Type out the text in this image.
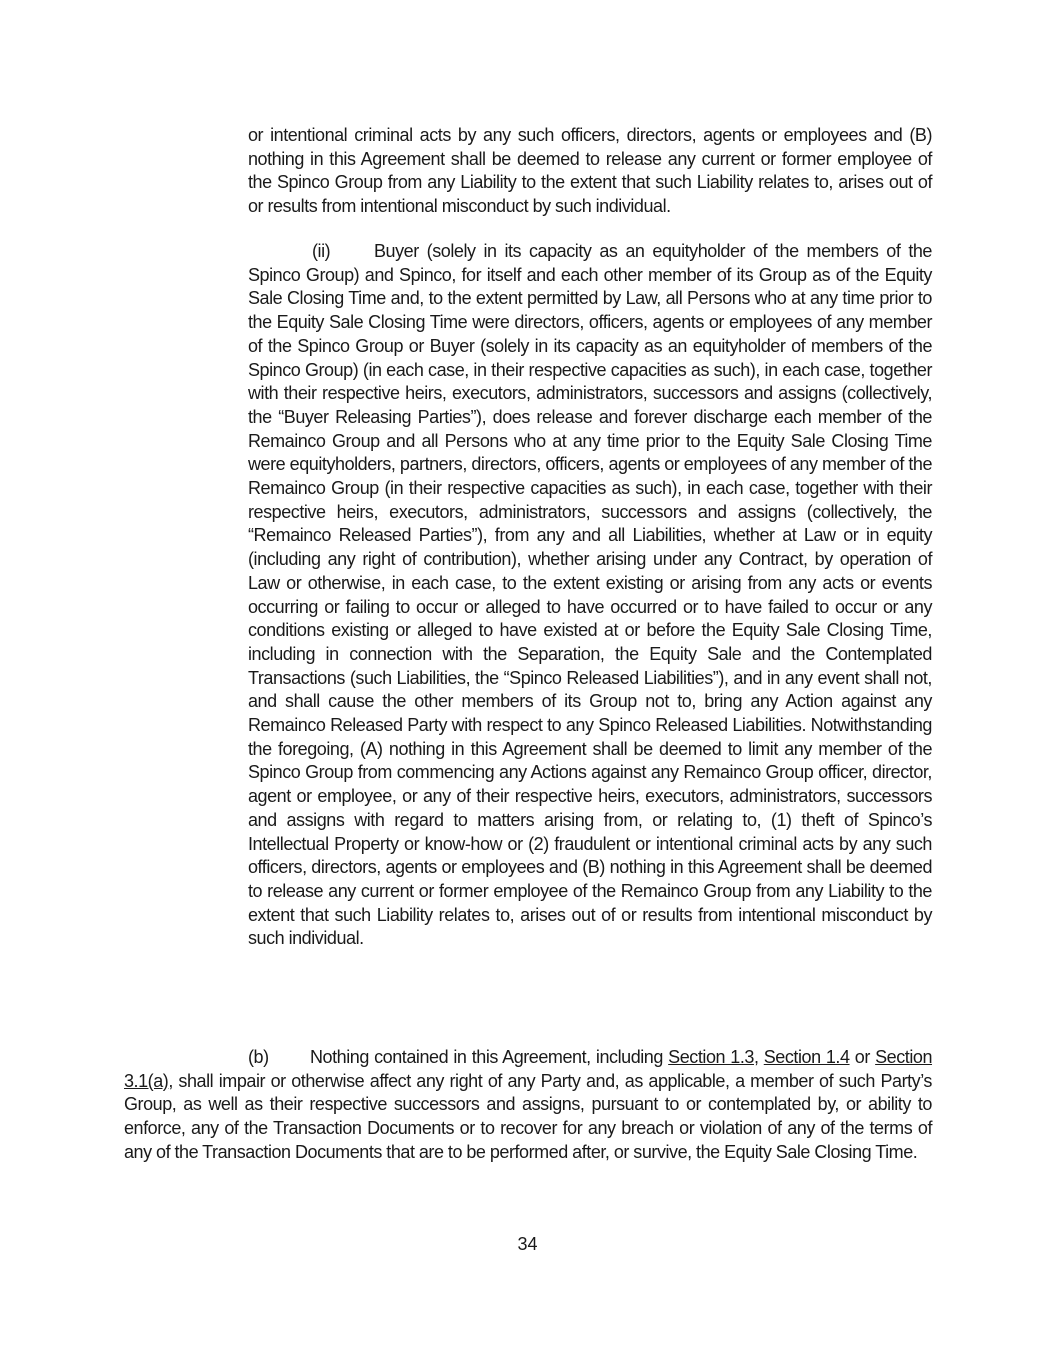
or intentional criminal acts by any such officers, directors, agents or employees and (B) nothing in this Agreement shall be deemed to release any current or former employee of the Spinco Group from any Liability to the extent that such Liability relates to, arises out of or results from intentional misconduct by such individual.

(ii) Buyer (solely in its capacity as an equityholder of the members of the Spinco Group) and Spinco, for itself and each other member of its Group as of the Equity Sale Closing Time and, to the extent permitted by Law, all Persons who at any time prior to the Equity Sale Closing Time were directors, officers, agents or employees of any member of the Spinco Group or Buyer (solely in its capacity as an equityholder of members of the Spinco Group) (in each case, in their respective capacities as such), in each case, together with their respective heirs, executors, administrators, successors and assigns (collectively, the “Buyer Releasing Parties”), does release and forever discharge each member of the Remainco Group and all Persons who at any time prior to the Equity Sale Closing Time were equityholders, partners, directors, officers, agents or employees of any member of the Remainco Group (in their respective capacities as such), in each case, together with their respective heirs, executors, administrators, successors and assigns (collectively, the “Remainco Released Parties”), from any and all Liabilities, whether at Law or in equity (including any right of contribution), whether arising under any Contract, by operation of Law or otherwise, in each case, to the extent existing or arising from any acts or events occurring or failing to occur or alleged to have occurred or to have failed to occur or any conditions existing or alleged to have existed at or before the Equity Sale Closing Time, including in connection with the Separation, the Equity Sale and the Contemplated Transactions (such Liabilities, the “Spinco Released Liabilities”), and in any event shall not, and shall cause the other members of its Group not to, bring any Action against any Remainco Released Party with respect to any Spinco Released Liabilities. Notwithstanding the foregoing, (A) nothing in this Agreement shall be deemed to limit any member of the Spinco Group from commencing any Actions against any Remainco Group officer, director, agent or employee, or any of their respective heirs, executors, administrators, successors and assigns with regard to matters arising from, or relating to, (1) theft of Spinco’s Intellectual Property or know-how or (2) fraudulent or intentional criminal acts by any such officers, directors, agents or employees and (B) nothing in this Agreement shall be deemed to release any current or former employee of the Remainco Group from any Liability to the extent that such Liability relates to, arises out of or results from intentional misconduct by such individual.

(b) Nothing contained in this Agreement, including Section 1.3, Section 1.4 or Section 3.1(a), shall impair or otherwise affect any right of any Party and, as applicable, a member of such Party’s Group, as well as their respective successors and assigns, pursuant to or contemplated by, or ability to enforce, any of the Transaction Documents or to recover for any breach or violation of any of the terms of any of the Transaction Documents that are to be performed after, or survive, the Equity Sale Closing Time.

34
